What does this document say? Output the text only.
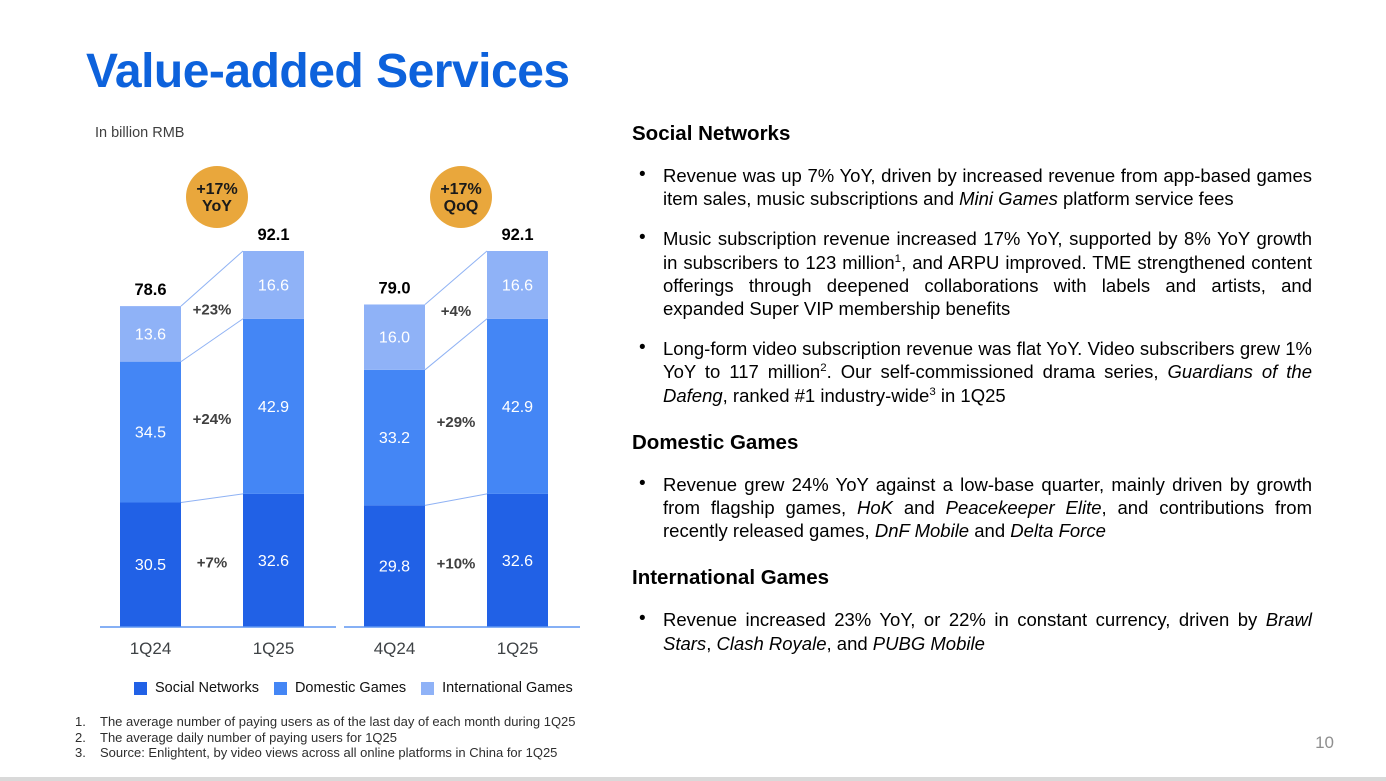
Value-added Services
In billion RMB
30.5
34.5
13.6
78.6
1Q24
32.6
42.9
16.6
92.1
1Q25
+7%
+24%
+23%
+17%
YoY
29.8
33.2
16.0
79.0
4Q24
32.6
42.9
16.6
92.1
1Q25
+10%
+29%
+4%
+17%
QoQ
Social Networks Domestic Games International Games
1.	The average number of paying users as of the last day of each month during 1Q25
2.	The average daily number of paying users for 1Q25
3.	Source: Enlightent, by video views across all online platforms in China for 1Q25
Social Networks
• Revenue was up 7% YoY, driven by increased revenue from app-based games item sales, music subscriptions and Mini Games platform service fees
• Music subscription revenue increased 17% YoY, supported by 8% YoY growth in subscribers to 123 million$^1$, and ARPU improved. TME strengthened content offerings through deepened collaborations with labels and artists, and expanded Super VIP membership benefits
• Long-form video subscription revenue was flat YoY. Video subscribers grew 1% YoY to 117 million$^2$. Our self-commissioned drama series, Guardians of the Dafeng, ranked #1 industry-wide$^3$ in 1Q25
Domestic Games
• Revenue grew 24% YoY against a low-base quarter, mainly driven by growth from flagship games, HoK and Peacekeeper Elite, and contributions from recently released games, DnF Mobile and Delta Force
International Games
• Revenue increased 23% YoY, or 22% in constant currency, driven by Brawl Stars, Clash Royale, and PUBG Mobile
10
